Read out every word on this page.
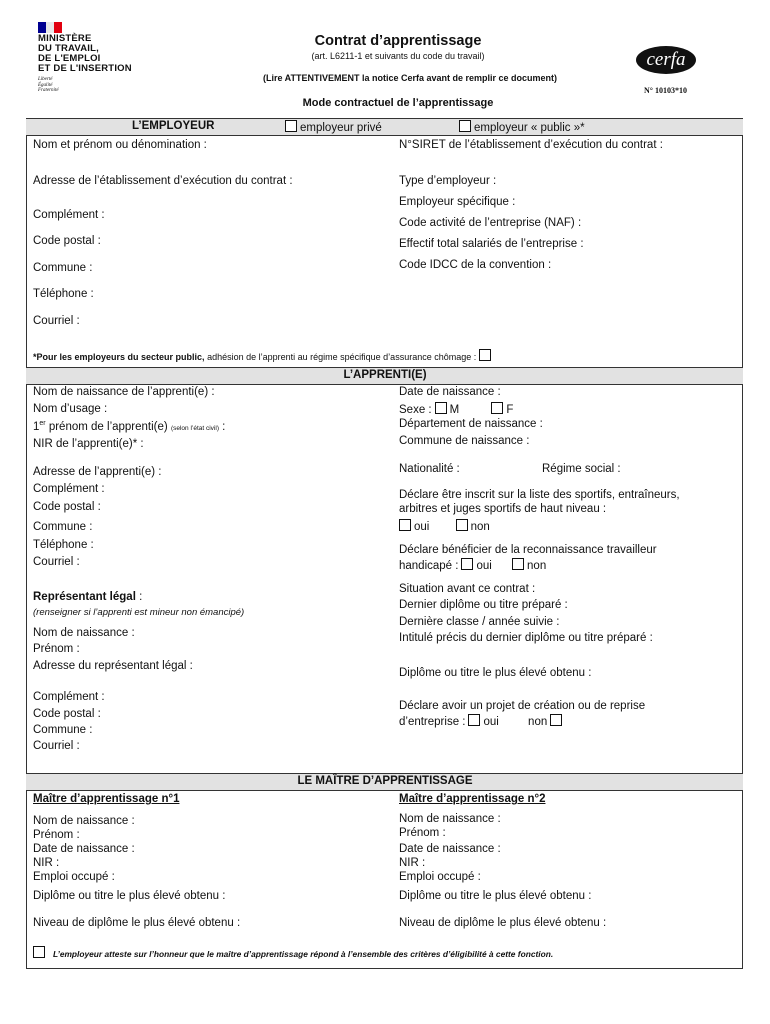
MINISTÈRE
DU TRAVAIL,
DE L'EMPLOI
ET DE L'INSERTION
Liberté
Égalité
Fraternité
Contrat d’apprentissage
(art. L6211-1 et suivants du code du travail)
(Lire ATTENTIVEMENT la notice Cerfa avant de remplir ce document)
Mode contractuel de l’apprentissage
cerfa
N° 10103*10
L’EMPLOYEUR	employeur privé	employeur « public »*
Nom et prénom ou dénomination :
Adresse de l’établissement d’exécution du contrat :
Complément :
Code postal :
Commune :
Téléphone :
Courriel :
N°SIRET de l’établissement d’exécution du contrat :
Type d’employeur :
Employeur spécifique :
Code activité de l’entreprise (NAF) :
Effectif total salariés de l’entreprise :
Code IDCC de la convention :
*Pour les employeurs du secteur public, adhésion de l’apprenti au régime spécifique d’assurance chômage :
L’APPRENTI(E)
Nom de naissance de l’apprenti(e) :
Nom d’usage :
1er prénom de l’apprenti(e) (selon l’état civil) :
NIR de l’apprenti(e)* :
Adresse de l’apprenti(e) :
Complément :
Code postal :
Commune :
Téléphone :
Courriel :
Représentant légal :
(renseigner si l’apprenti est mineur non émancipé)
Nom de naissance :
Prénom :
Adresse du représentant légal :
Complément :
Code postal :
Commune :
Courriel :
Date de naissance :
Sexe : M	F
Département de naissance :
Commune de naissance :
Nationalité :	Régime social :
Déclare être inscrit sur la liste des sportifs, entraîneurs,
arbitres et juges sportifs de haut niveau :
oui	non
Déclare bénéficier de la reconnaissance travailleur
handicapé : oui	non
Situation avant ce contrat :
Dernier diplôme ou titre préparé :
Dernière classe / année suivie :
Intitulé précis du dernier diplôme ou titre préparé :
Diplôme ou titre le plus élevé obtenu :
Déclare avoir un projet de création ou de reprise
d’entreprise : oui	non
LE MAÎTRE D’APPRENTISSAGE
Maître d’apprentissage n°1
Nom de naissance :
Prénom :
Date de naissance :
NIR :
Emploi occupé :
Diplôme ou titre le plus élevé obtenu :
Niveau de diplôme le plus élevé obtenu :
Maître d’apprentissage n°2
Nom de naissance :
Prénom :
Date de naissance :
NIR :
Emploi occupé :
Diplôme ou titre le plus élevé obtenu :
Niveau de diplôme le plus élevé obtenu :
L’employeur atteste sur l’honneur que le maître d’apprentissage répond à l’ensemble des critères d’éligibilité à cette fonction.
